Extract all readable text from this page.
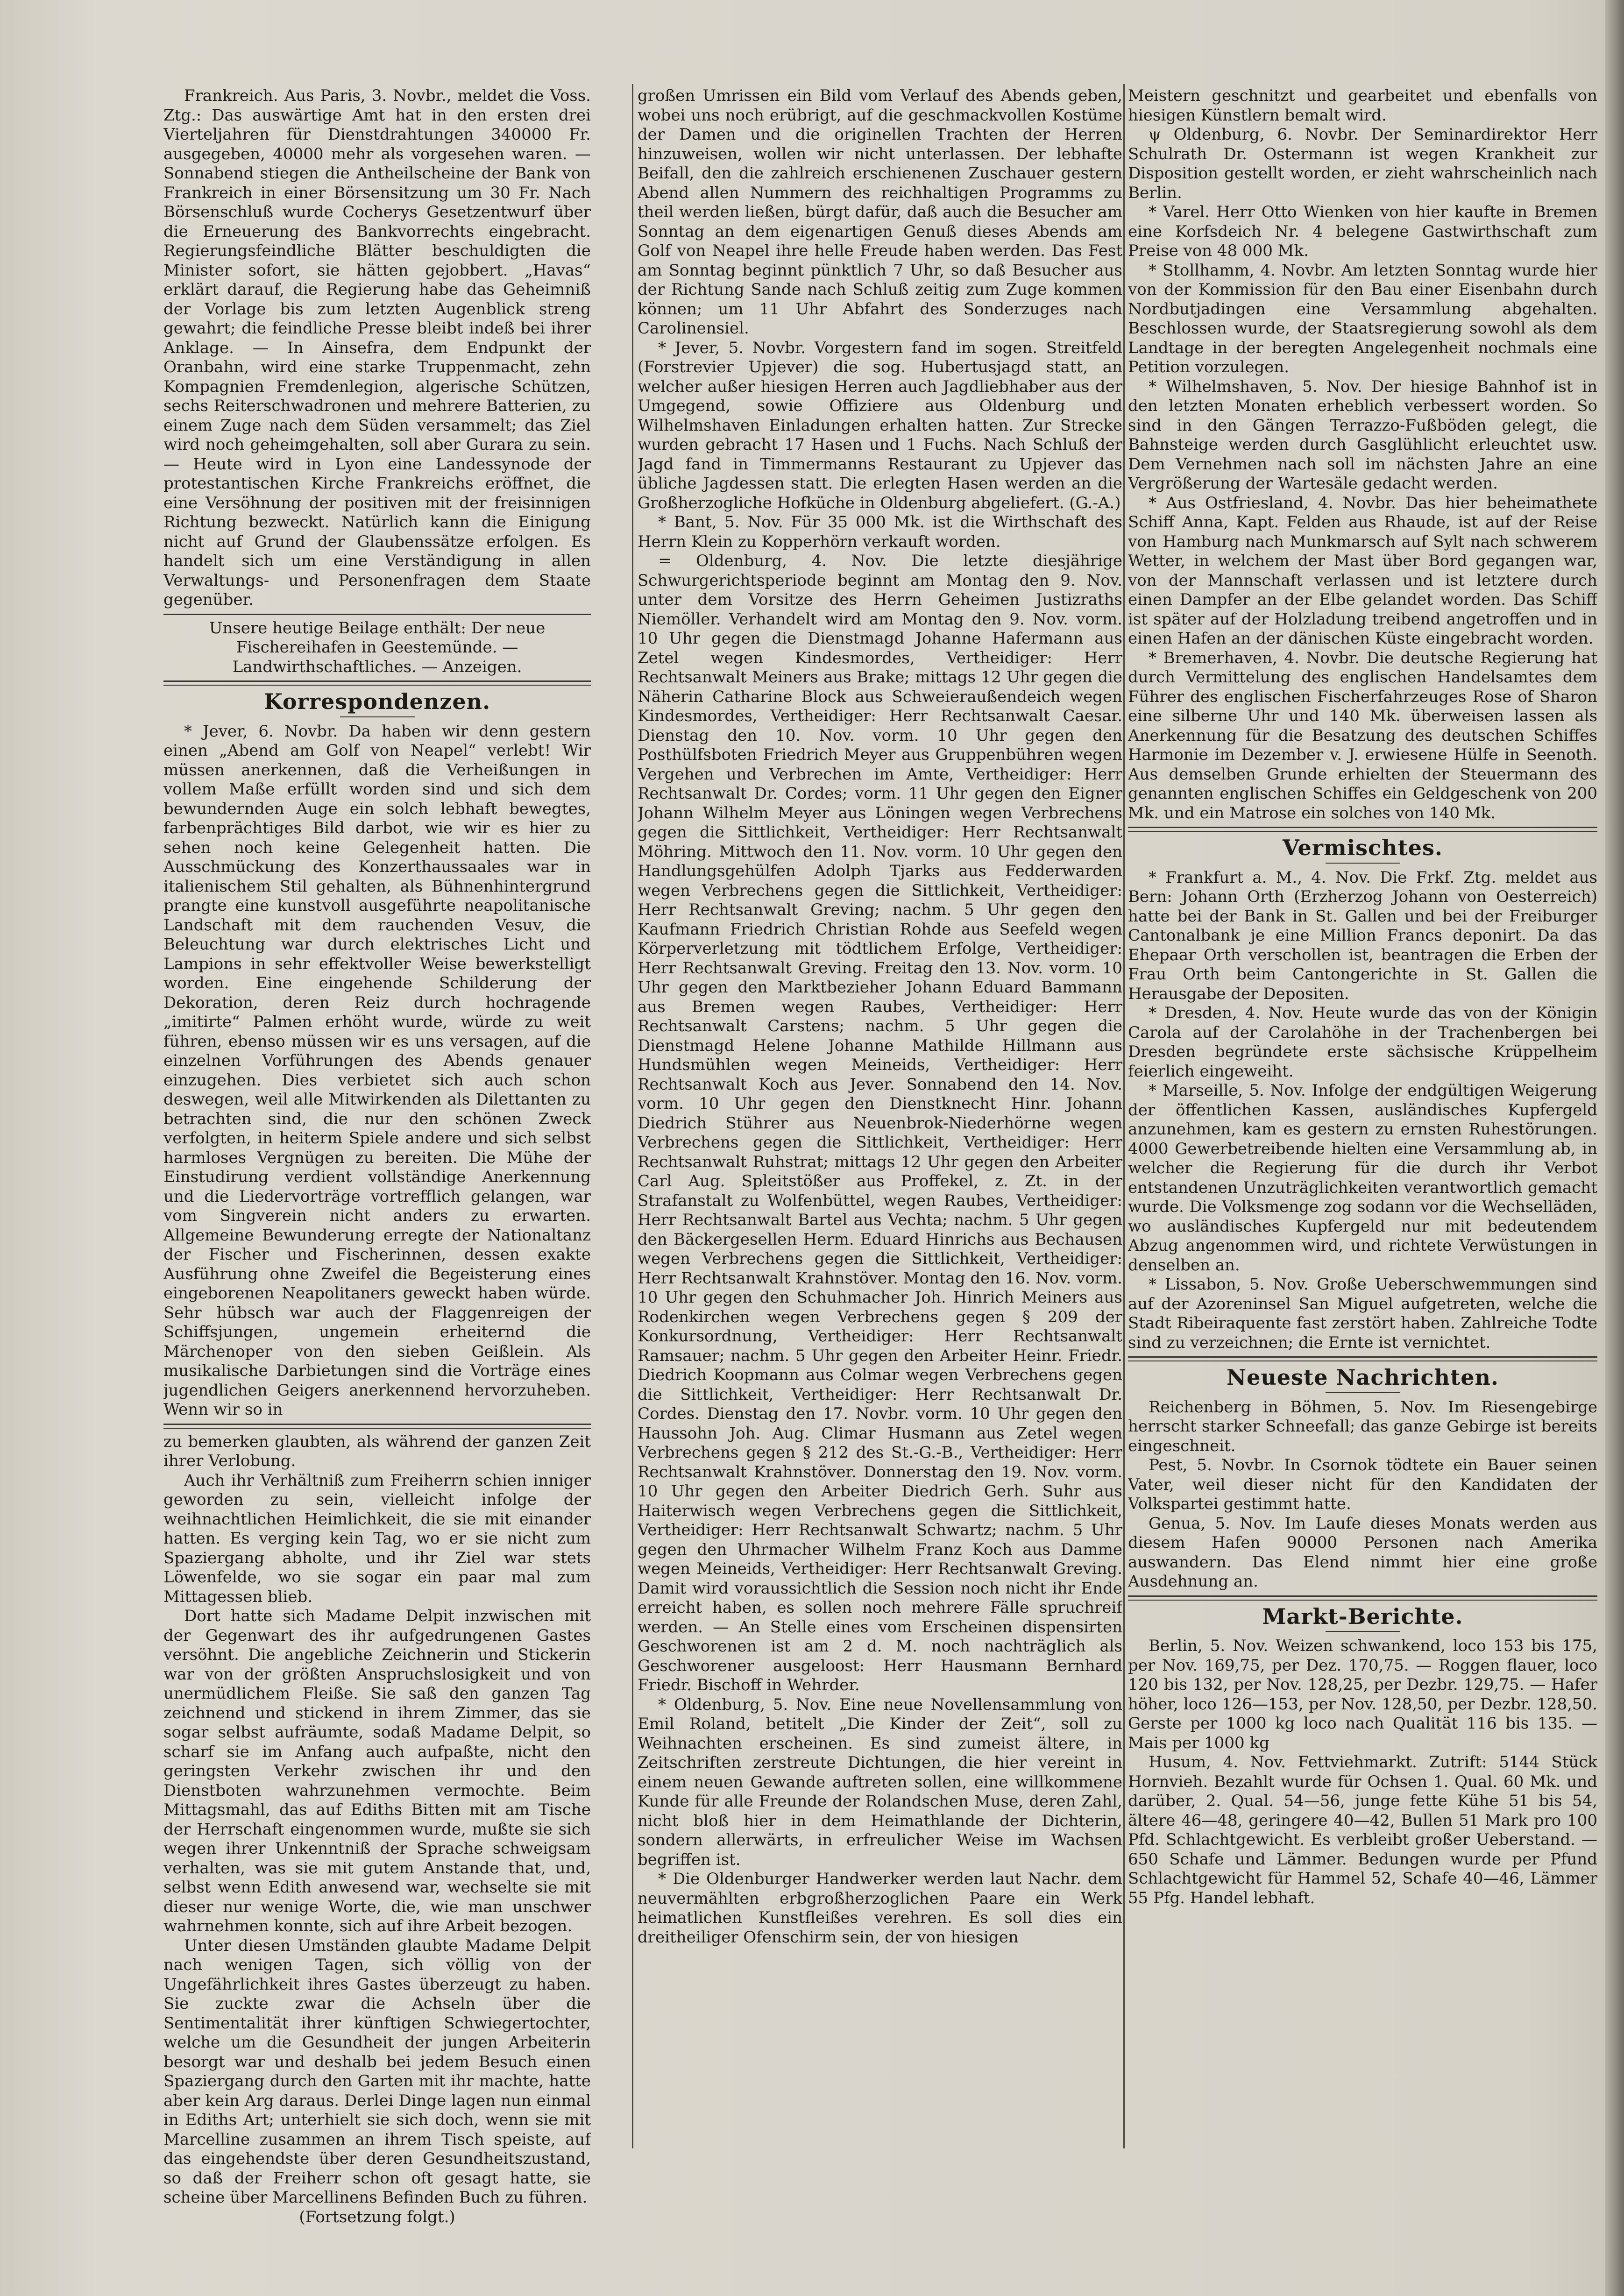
Frankreich. Aus Paris, 3. Novbr., meldet die Voss. Ztg.: Das auswärtige Amt hat in den ersten drei Vierteljahren für Dienstdrahtungen 340000 Fr. ausgegeben, 40000 mehr als vorgesehen waren. — Sonnabend stiegen die Antheilscheine der Bank von Frankreich in einer Börsensitzung um 30 Fr. Nach Börsenschluß wurde Cocherys Gesetzentwurf über die Erneuerung des Bankvorrechts eingebracht. Regierungsfeindliche Blätter beschuldigten die Minister sofort, sie hätten gejobbert. „Havas“ erklärt darauf, die Regierung habe das Geheimniß der Vorlage bis zum letzten Augenblick streng gewahrt; die feindliche Presse bleibt indeß bei ihrer Anklage. — In Ainsefra, dem Endpunkt der Oranbahn, wird eine starke Truppenmacht, zehn Kompagnien Fremdenlegion, algerische Schützen, sechs Reiterschwadronen und mehrere Batterien, zu einem Zuge nach dem Süden versammelt; das Ziel wird noch geheimgehalten, soll aber Gurara zu sein. — Heute wird in Lyon eine Landessynode der protestantischen Kirche Frankreichs eröffnet, die eine Versöhnung der positiven mit der freisinnigen Richtung bezweckt. Natürlich kann die Einigung nicht auf Grund der Glaubenssätze erfolgen. Es handelt sich um eine Verständigung in allen Verwaltungs- und Personenfragen dem Staate gegenüber.

Unsere heutige Beilage enthält: Der neue Fischereihafen in Geestemünde. — Landwirthschaftliches. — Anzeigen.

Korrespondenzen.

* Jever, 6. Novbr. Da haben wir denn gestern einen „Abend am Golf von Neapel“ verlebt! Wir müssen anerkennen, daß die Verheißungen in vollem Maße erfüllt worden sind und sich dem bewundernden Auge ein solch lebhaft bewegtes, farbenprächtiges Bild darbot, wie wir es hier zu sehen noch keine Gelegenheit hatten. Die Ausschmückung des Konzerthaussaales war in italienischem Stil gehalten, als Bühnenhintergrund prangte eine kunstvoll ausgeführte neapolitanische Landschaft mit dem rauchenden Vesuv, die Beleuchtung war durch elektrisches Licht und Lampions in sehr effektvoller Weise bewerkstelligt worden. Eine eingehende Schilderung der Dekoration, deren Reiz durch hochragende „imitirte“ Palmen erhöht wurde, würde zu weit führen, ebenso müssen wir es uns versagen, auf die einzelnen Vorführungen des Abends genauer einzugehen. Dies verbietet sich auch schon deswegen, weil alle Mitwirkenden als Dilettanten zu betrachten sind, die nur den schönen Zweck verfolgten, in heiterm Spiele andere und sich selbst harmloses Vergnügen zu bereiten. Die Mühe der Einstudirung verdient vollständige Anerkennung und die Liedervorträge vortrefflich gelangen, war vom Singverein nicht anders zu erwarten. Allgemeine Bewunderung erregte der Nationaltanz der Fischer und Fischerinnen, dessen exakte Ausführung ohne Zweifel die Begeisterung eines eingeborenen Neapolitaners geweckt haben würde. Sehr hübsch war auch der Flaggenreigen der Schiffsjungen, ungemein erheiternd die Märchenoper von den sieben Geißlein. Als musikalische Darbietungen sind die Vorträge eines jugendlichen Geigers anerkennend hervorzuheben. Wenn wir so in

zu bemerken glaubten, als während der ganzen Zeit ihrer Verlobung.

Auch ihr Verhältniß zum Freiherrn schien inniger geworden zu sein, vielleicht infolge der weihnachtlichen Heimlichkeit, die sie mit einander hatten. Es verging kein Tag, wo er sie nicht zum Spaziergang abholte, und ihr Ziel war stets Löwenfelde, wo sie sogar ein paar mal zum Mittagessen blieb.

Dort hatte sich Madame Delpit inzwischen mit der Gegenwart des ihr aufgedrungenen Gastes versöhnt. Die angebliche Zeichnerin und Stickerin war von der größten Anspruchslosigkeit und von unermüdlichem Fleiße. Sie saß den ganzen Tag zeichnend und stickend in ihrem Zimmer, das sie sogar selbst aufräumte, sodaß Madame Delpit, so scharf sie im Anfang auch aufpaßte, nicht den geringsten Verkehr zwischen ihr und den Dienstboten wahrzunehmen vermochte. Beim Mittagsmahl, das auf Ediths Bitten mit am Tische der Herrschaft eingenommen wurde, mußte sie sich wegen ihrer Unkenntniß der Sprache schweigsam verhalten, was sie mit gutem Anstande that, und, selbst wenn Edith anwesend war, wechselte sie mit dieser nur wenige Worte, die, wie man unschwer wahrnehmen konnte, sich auf ihre Arbeit bezogen.

Unter diesen Umständen glaubte Madame Delpit nach wenigen Tagen, sich völlig von der Ungefährlichkeit ihres Gastes überzeugt zu haben. Sie zuckte zwar die Achseln über die Sentimentalität ihrer künftigen Schwiegertochter, welche um die Gesundheit der jungen Arbeiterin besorgt war und deshalb bei jedem Besuch einen Spaziergang durch den Garten mit ihr machte, hatte aber kein Arg daraus. Derlei Dinge lagen nun einmal in Ediths Art; unterhielt sie sich doch, wenn sie mit Marcelline zusammen an ihrem Tisch speiste, auf das eingehendste über deren Gesundheitszustand, so daß der Freiherr schon oft gesagt hatte, sie scheine über Marcellinens Befinden Buch zu führen.

(Fortsetzung folgt.)

großen Umrissen ein Bild vom Verlauf des Abends geben, wobei uns noch erübrigt, auf die geschmackvollen Kostüme der Damen und die originellen Trachten der Herren hinzuweisen, wollen wir nicht unterlassen. Der lebhafte Beifall, den die zahlreich erschienenen Zuschauer gestern Abend allen Nummern des reichhaltigen Programms zu theil werden ließen, bürgt dafür, daß auch die Besucher am Sonntag an dem eigenartigen Genuß dieses Abends am Golf von Neapel ihre helle Freude haben werden. Das Fest am Sonntag beginnt pünktlich 7 Uhr, so daß Besucher aus der Richtung Sande nach Schluß zeitig zum Zuge kommen können; um 11 Uhr Abfahrt des Sonderzuges nach Carolinensiel.

* Jever, 5. Novbr. Vorgestern fand im sogen. Streitfeld (Forstrevier Upjever) die sog. Hubertusjagd statt, an welcher außer hiesigen Herren auch Jagdliebhaber aus der Umgegend, sowie Offiziere aus Oldenburg und Wilhelmshaven Einladungen erhalten hatten. Zur Strecke wurden gebracht 17 Hasen und 1 Fuchs. Nach Schluß der Jagd fand in Timmermanns Restaurant zu Upjever das übliche Jagdessen statt. Die erlegten Hasen werden an die Großherzogliche Hofküche in Oldenburg abgeliefert. (G.-A.)

* Bant, 5. Nov. Für 35 000 Mk. ist die Wirthschaft des Herrn Klein zu Kopperhörn verkauft worden.

= Oldenburg, 4. Nov. Die letzte diesjährige Schwurgerichtsperiode beginnt am Montag den 9. Nov. unter dem Vorsitze des Herrn Geheimen Justizraths Niemöller. Verhandelt wird am Montag den 9. Nov. vorm. 10 Uhr gegen die Dienstmagd Johanne Hafermann aus Zetel wegen Kindesmordes, Vertheidiger: Herr Rechtsanwalt Meiners aus Brake; mittags 12 Uhr gegen die Näherin Catharine Block aus Schweieraußendeich wegen Kindesmordes, Vertheidiger: Herr Rechtsanwalt Caesar. Dienstag den 10. Nov. vorm. 10 Uhr gegen den Posthülfsboten Friedrich Meyer aus Gruppenbühren wegen Vergehen und Verbrechen im Amte, Vertheidiger: Herr Rechtsanwalt Dr. Cordes; vorm. 11 Uhr gegen den Eigner Johann Wilhelm Meyer aus Löningen wegen Verbrechens gegen die Sittlichkeit, Vertheidiger: Herr Rechtsanwalt Möhring. Mittwoch den 11. Nov. vorm. 10 Uhr gegen den Handlungsgehülfen Adolph Tjarks aus Fedderwarden wegen Verbrechens gegen die Sittlichkeit, Vertheidiger: Herr Rechtsanwalt Greving; nachm. 5 Uhr gegen den Kaufmann Friedrich Christian Rohde aus Seefeld wegen Körperverletzung mit tödtlichem Erfolge, Vertheidiger: Herr Rechtsanwalt Greving. Freitag den 13. Nov. vorm. 10 Uhr gegen den Marktbezieher Johann Eduard Bammann aus Bremen wegen Raubes, Vertheidiger: Herr Rechtsanwalt Carstens; nachm. 5 Uhr gegen die Dienstmagd Helene Johanne Mathilde Hillmann aus Hundsmühlen wegen Meineids, Vertheidiger: Herr Rechtsanwalt Koch aus Jever. Sonnabend den 14. Nov. vorm. 10 Uhr gegen den Dienstknecht Hinr. Johann Diedrich Stührer aus Neuenbrok-Niederhörne wegen Verbrechens gegen die Sittlichkeit, Vertheidiger: Herr Rechtsanwalt Ruhstrat; mittags 12 Uhr gegen den Arbeiter Carl Aug. Spleitstößer aus Proffekel, z. Zt. in der Strafanstalt zu Wolfenbüttel, wegen Raubes, Vertheidiger: Herr Rechtsanwalt Bartel aus Vechta; nachm. 5 Uhr gegen den Bäckergesellen Herm. Eduard Hinrichs aus Bechausen wegen Verbrechens gegen die Sittlichkeit, Vertheidiger: Herr Rechtsanwalt Krahnstöver. Montag den 16. Nov. vorm. 10 Uhr gegen den Schuhmacher Joh. Hinrich Meiners aus Rodenkirchen wegen Verbrechens gegen § 209 der Konkursordnung, Vertheidiger: Herr Rechtsanwalt Ramsauer; nachm. 5 Uhr gegen den Arbeiter Heinr. Friedr. Diedrich Koopmann aus Colmar wegen Verbrechens gegen die Sittlichkeit, Vertheidiger: Herr Rechtsanwalt Dr. Cordes. Dienstag den 17. Novbr. vorm. 10 Uhr gegen den Haussohn Joh. Aug. Climar Husmann aus Zetel wegen Verbrechens gegen § 212 des St.-G.-B., Vertheidiger: Herr Rechtsanwalt Krahnstöver. Donnerstag den 19. Nov. vorm. 10 Uhr gegen den Arbeiter Diedrich Gerh. Suhr aus Haiterwisch wegen Verbrechens gegen die Sittlichkeit, Vertheidiger: Herr Rechtsanwalt Schwartz; nachm. 5 Uhr gegen den Uhrmacher Wilhelm Franz Koch aus Damme wegen Meineids, Vertheidiger: Herr Rechtsanwalt Greving. Damit wird voraussichtlich die Session noch nicht ihr Ende erreicht haben, es sollen noch mehrere Fälle spruchreif werden. — An Stelle eines vom Erscheinen dispensirten Geschworenen ist am 2 d. M. noch nachträglich als Geschworener ausgeloost: Herr Hausmann Bernhard Friedr. Bischoff in Wehrder.

* Oldenburg, 5. Nov. Eine neue Novellensammlung von Emil Roland, betitelt „Die Kinder der Zeit“, soll zu Weihnachten erscheinen. Es sind zumeist ältere, in Zeitschriften zerstreute Dichtungen, die hier vereint in einem neuen Gewande auftreten sollen, eine willkommene Kunde für alle Freunde der Rolandschen Muse, deren Zahl, nicht bloß hier in dem Heimathlande der Dichterin, sondern allerwärts, in erfreulicher Weise im Wachsen begriffen ist.

* Die Oldenburger Handwerker werden laut Nachr. dem neuvermählten erbgroßherzoglichen Paare ein Werk heimatlichen Kunstfleißes verehren. Es soll dies ein dreitheiliger Ofenschirm sein, der von hiesigen

Meistern geschnitzt und gearbeitet und ebenfalls von hiesigen Künstlern bemalt wird.

ψ Oldenburg, 6. Novbr. Der Seminardirektor Herr Schulrath Dr. Ostermann ist wegen Krankheit zur Disposition gestellt worden, er zieht wahrscheinlich nach Berlin.

* Varel. Herr Otto Wienken von hier kaufte in Bremen eine Korfsdeich Nr. 4 belegene Gastwirthschaft zum Preise von 48 000 Mk.

* Stollhamm, 4. Novbr. Am letzten Sonntag wurde hier von der Kommission für den Bau einer Eisenbahn durch Nordbutjadingen eine Versammlung abgehalten. Beschlossen wurde, der Staatsregierung sowohl als dem Landtage in der beregten Angelegenheit nochmals eine Petition vorzulegen.

* Wilhelmshaven, 5. Nov. Der hiesige Bahnhof ist in den letzten Monaten erheblich verbessert worden. So sind in den Gängen Terrazzo-Fußböden gelegt, die Bahnsteige werden durch Gasglühlicht erleuchtet usw. Dem Vernehmen nach soll im nächsten Jahre an eine Vergrößerung der Wartesäle gedacht werden.

* Aus Ostfriesland, 4. Novbr. Das hier beheimathete Schiff Anna, Kapt. Felden aus Rhaude, ist auf der Reise von Hamburg nach Munkmarsch auf Sylt nach schwerem Wetter, in welchem der Mast über Bord gegangen war, von der Mannschaft verlassen und ist letztere durch einen Dampfer an der Elbe gelandet worden. Das Schiff ist später auf der Holzladung treibend angetroffen und in einen Hafen an der dänischen Küste eingebracht worden.

* Bremerhaven, 4. Novbr. Die deutsche Regierung hat durch Vermittelung des englischen Handelsamtes dem Führer des englischen Fischerfahrzeuges Rose of Sharon eine silberne Uhr und 140 Mk. überweisen lassen als Anerkennung für die Besatzung des deutschen Schiffes Harmonie im Dezember v. J. erwiesene Hülfe in Seenoth. Aus demselben Grunde erhielten der Steuermann des genannten englischen Schiffes ein Geldgeschenk von 200 Mk. und ein Matrose ein solches von 140 Mk.

Vermischtes.

* Frankfurt a. M., 4. Nov. Die Frkf. Ztg. meldet aus Bern: Johann Orth (Erzherzog Johann von Oesterreich) hatte bei der Bank in St. Gallen und bei der Freiburger Cantonalbank je eine Million Francs deponirt. Da das Ehepaar Orth verschollen ist, beantragen die Erben der Frau Orth beim Cantongerichte in St. Gallen die Herausgabe der Depositen.

* Dresden, 4. Nov. Heute wurde das von der Königin Carola auf der Carolahöhe in der Trachenbergen bei Dresden begründete erste sächsische Krüppelheim feierlich eingeweiht.

* Marseille, 5. Nov. Infolge der endgültigen Weigerung der öffentlichen Kassen, ausländisches Kupfergeld anzunehmen, kam es gestern zu ernsten Ruhestörungen. 4000 Gewerbetreibende hielten eine Versammlung ab, in welcher die Regierung für die durch ihr Verbot entstandenen Unzuträglichkeiten verantwortlich gemacht wurde. Die Volksmenge zog sodann vor die Wechselläden, wo ausländisches Kupfergeld nur mit bedeutendem Abzug angenommen wird, und richtete Verwüstungen in denselben an.

* Lissabon, 5. Nov. Große Ueberschwemmungen sind auf der Azoreninsel San Miguel aufgetreten, welche die Stadt Ribeiraquente fast zerstört haben. Zahlreiche Todte sind zu verzeichnen; die Ernte ist vernichtet.

Neueste Nachrichten.

Reichenberg in Böhmen, 5. Nov. Im Riesengebirge herrscht starker Schneefall; das ganze Gebirge ist bereits eingeschneit.

Pest, 5. Novbr. In Csornok tödtete ein Bauer seinen Vater, weil dieser nicht für den Kandidaten der Volkspartei gestimmt hatte.

Genua, 5. Nov. Im Laufe dieses Monats werden aus diesem Hafen 90000 Personen nach Amerika auswandern. Das Elend nimmt hier eine große Ausdehnung an.

Markt-Berichte.

Berlin, 5. Nov. Weizen schwankend, loco 153 bis 175, per Nov. 169,75, per Dez. 170,75. — Roggen flauer, loco 120 bis 132, per Nov. 128,25, per Dezbr. 129,75. — Hafer höher, loco 126—153, per Nov. 128,50, per Dezbr. 128,50. Gerste per 1000 kg loco nach Qualität 116 bis 135. — Mais per 1000 kg

Husum, 4. Nov. Fettviehmarkt. Zutrift: 5144 Stück Hornvieh. Bezahlt wurde für Ochsen 1. Qual. 60 Mk. und darüber, 2. Qual. 54—56, junge fette Kühe 51 bis 54, ältere 46—48, geringere 40—42, Bullen 51 Mark pro 100 Pfd. Schlachtgewicht. Es verbleibt großer Ueberstand. — 650 Schafe und Lämmer. Bedungen wurde per Pfund Schlachtgewicht für Hammel 52, Schafe 40—46, Lämmer 55 Pfg. Handel lebhaft.
